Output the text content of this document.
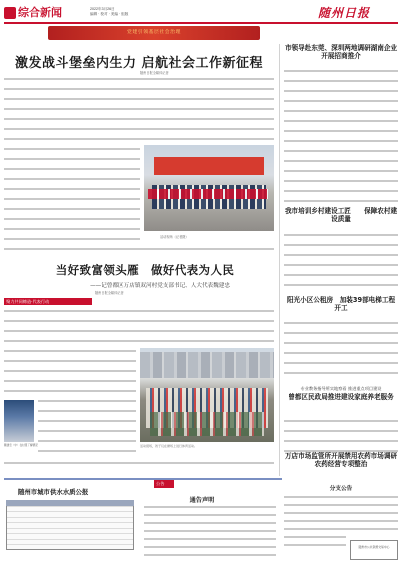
综合新闻	2022年3月26日
编辑 · 校对 · 美编 · 组版	随州日报
党建引领基层社会治理
激发战斗堡垒内生力 启航社会工作新征程
随州日报全媒体记者
活动现场（记者摄）
当好致富领头雁　做好代表为人民
——记曾都区万店镇双河村党支部书记、人大代表魏建忠
随州日报全媒体记者
聚力共同缔造·代表行动
活动现场，孩子们在操场上进行体育活动。
魏建忠（中）在村里了解情况
市领导赴东莞、深圳两地调研湖南企业开展招商推介
我市培训乡村建设工匠　　保障农村建设质量
阳光小区公租房　加装39部电梯工程开工
专业教务指导所实地察看 推进重点项目建设
曾都区民政局推进建设家庭养老服务
万店市场监管所开展禁用农药市场调研 农药经营专项整治
随州市城市供水水质公报
公告
通告声明
分支公告
随州市公共资源交易中心
